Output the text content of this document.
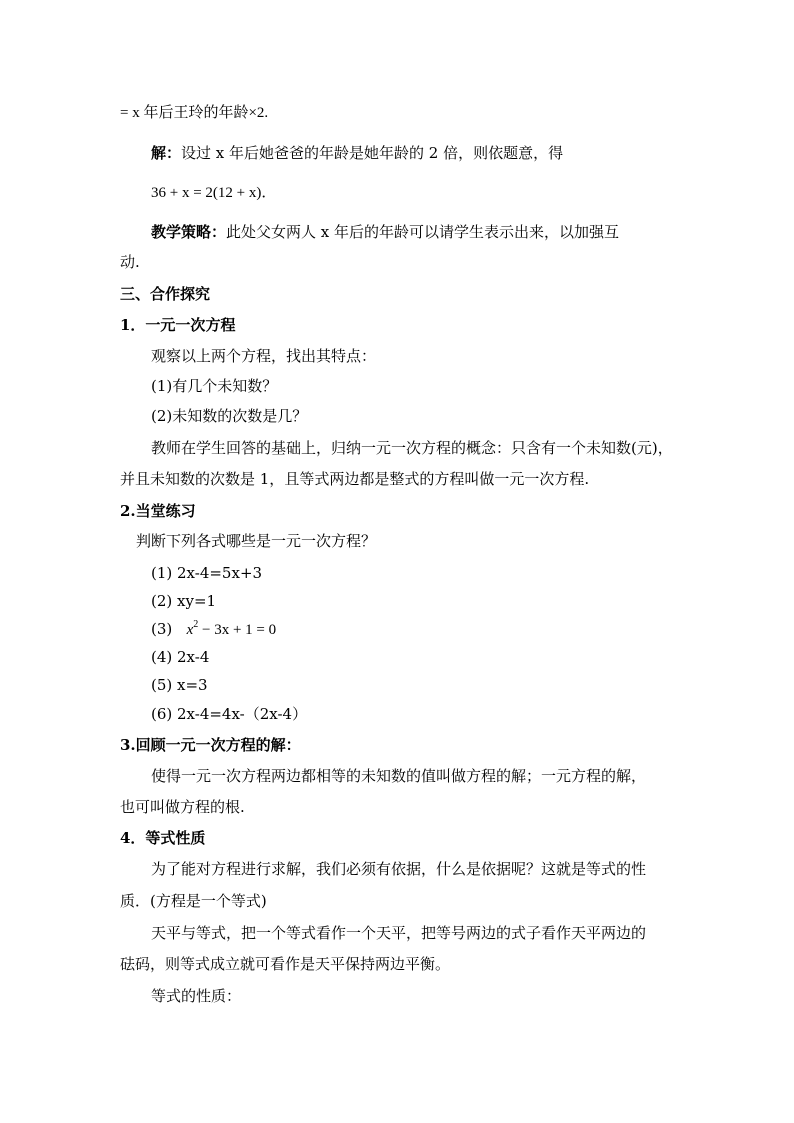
= x 年后王玲的年龄×2.
解：设过 x 年后她爸爸的年龄是她年龄的 2 倍，则依题意，得
36 + x = 2(12 + x)．
教学策略：此处父女两人 x 年后的年龄可以请学生表示出来，以加强互
动.
三、合作探究
1．一元一次方程
观察以上两个方程，找出其特点：
(1)有几个未知数？
(2)未知数的次数是几？
教师在学生回答的基础上，归纳一元一次方程的概念：只含有一个未知数(元)，
并且未知数的次数是 1，且等式两边都是整式的方程叫做一元一次方程.
2.当堂练习
判断下列各式哪些是一元一次方程？
(1) 2x-4=5x+3
(2) xy=1
(3) $x^2 - 3x + 1 = 0$
(4) 2x-4
(5) x=3
(6) 2x-4=4x-（2x-4）
3.回顾一元一次方程的解：
使得一元一次方程两边都相等的未知数的值叫做方程的解；一元方程的解，
也可叫做方程的根.
4．等式性质
为了能对方程进行求解，我们必须有依据，什么是依据呢？这就是等式的性
质．(方程是一个等式)
天平与等式，把一个等式看作一个天平，把等号两边的式子看作天平两边的
砝码，则等式成立就可看作是天平保持两边平衡。
等式的性质：
